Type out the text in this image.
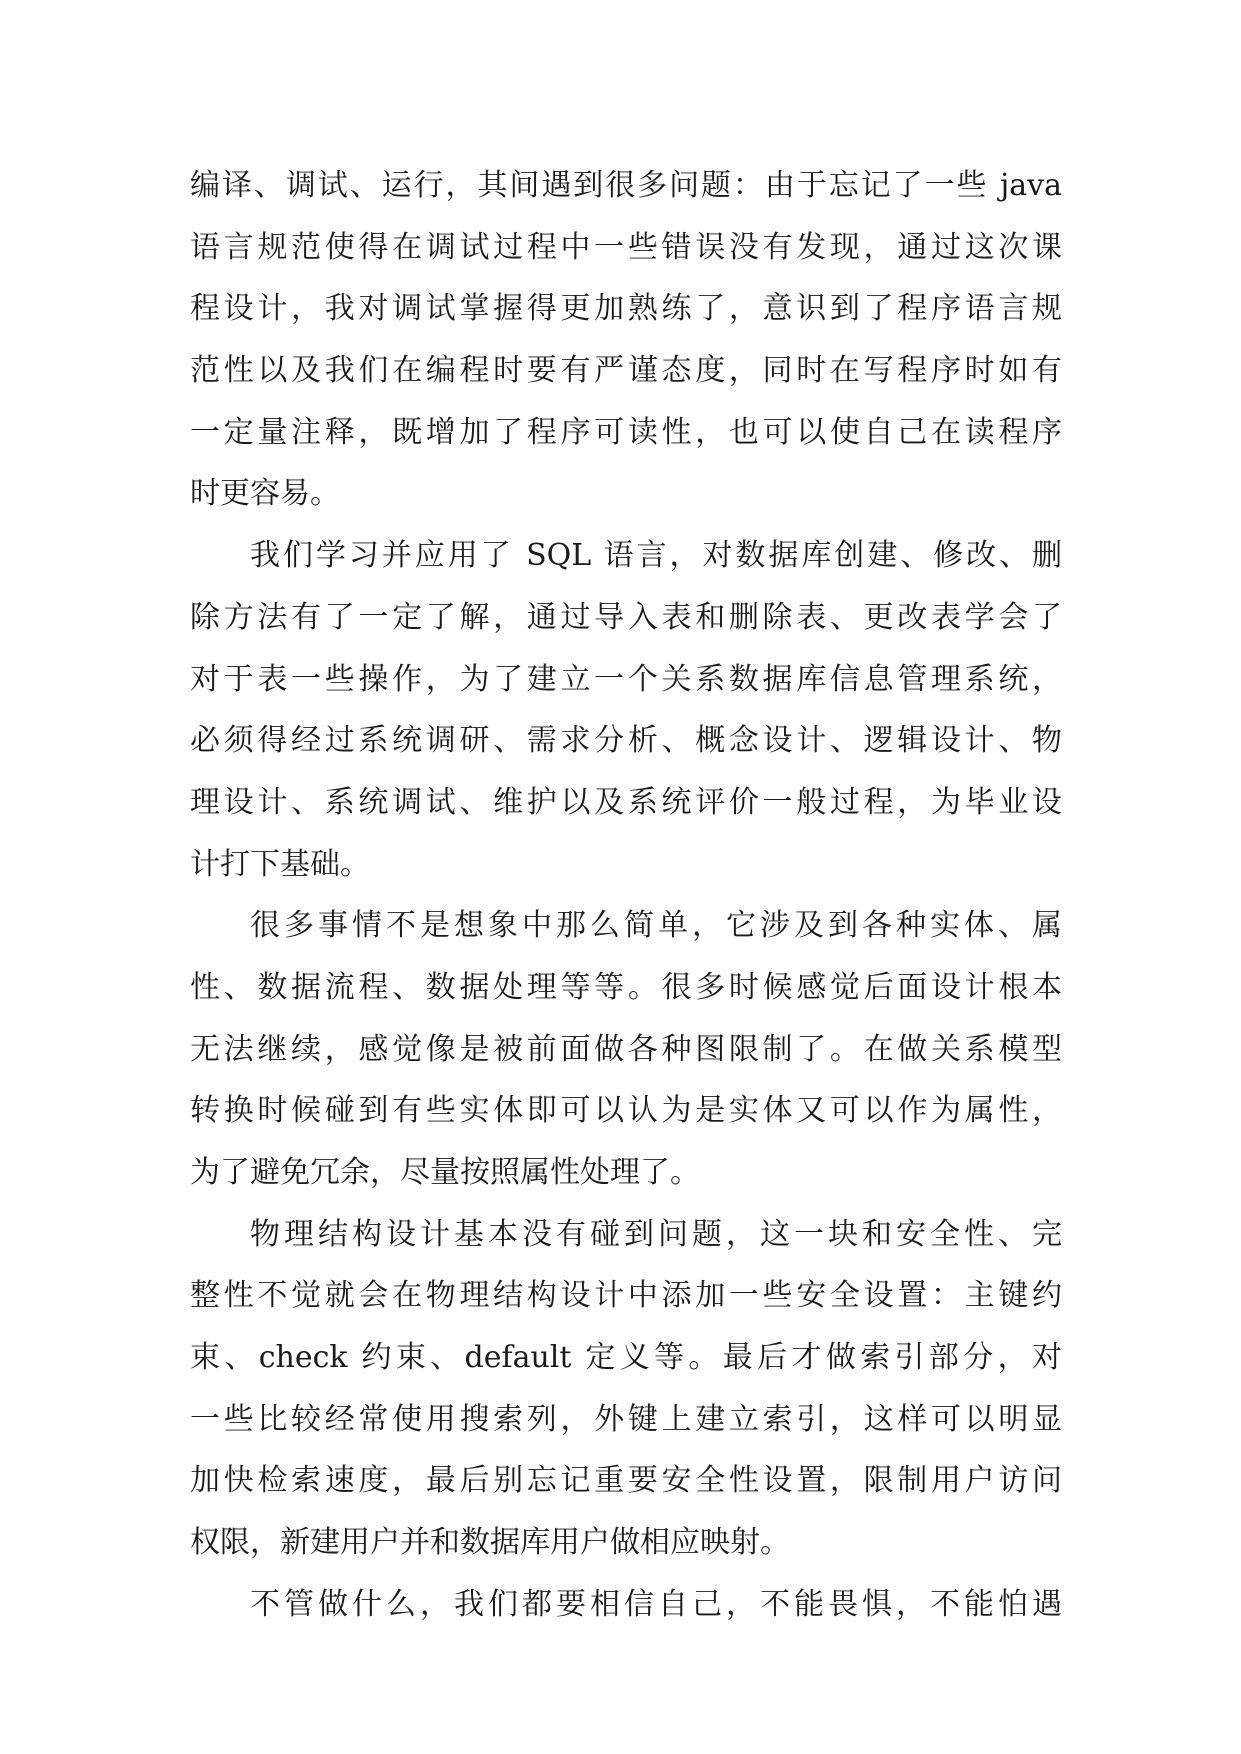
编译、调试、运行，其间遇到很多问题：由于忘记了一些 java
语言规范使得在调试过程中一些错误没有发现，通过这次课
程设计，我对调试掌握得更加熟练了，意识到了程序语言规
范性以及我们在编程时要有严谨态度，同时在写程序时如有
一定量注释，既增加了程序可读性，也可以使自己在读程序
时更容易。
我们学习并应用了 SQL 语言，对数据库创建、修改、删
除方法有了一定了解，通过导入表和删除表、更改表学会了
对于表一些操作，为了建立一个关系数据库信息管理系统，
必须得经过系统调研、需求分析、概念设计、逻辑设计、物
理设计、系统调试、维护以及系统评价一般过程，为毕业设
计打下基础。
很多事情不是想象中那么简单，它涉及到各种实体、属
性、数据流程、数据处理等等。很多时候感觉后面设计根本
无法继续，感觉像是被前面做各种图限制了。在做关系模型
转换时候碰到有些实体即可以认为是实体又可以作为属性，
为了避免冗余，尽量按照属性处理了。
物理结构设计基本没有碰到问题，这一块和安全性、完
整性不觉就会在物理结构设计中添加一些安全设置：主键约
束、check 约束、default 定义等。最后才做索引部分，对
一些比较经常使用搜索列，外键上建立索引，这样可以明显
加快检索速度，最后别忘记重要安全性设置，限制用户访问
权限，新建用户并和数据库用户做相应映射。
不管做什么，我们都要相信自己，不能畏惧，不能怕遇
